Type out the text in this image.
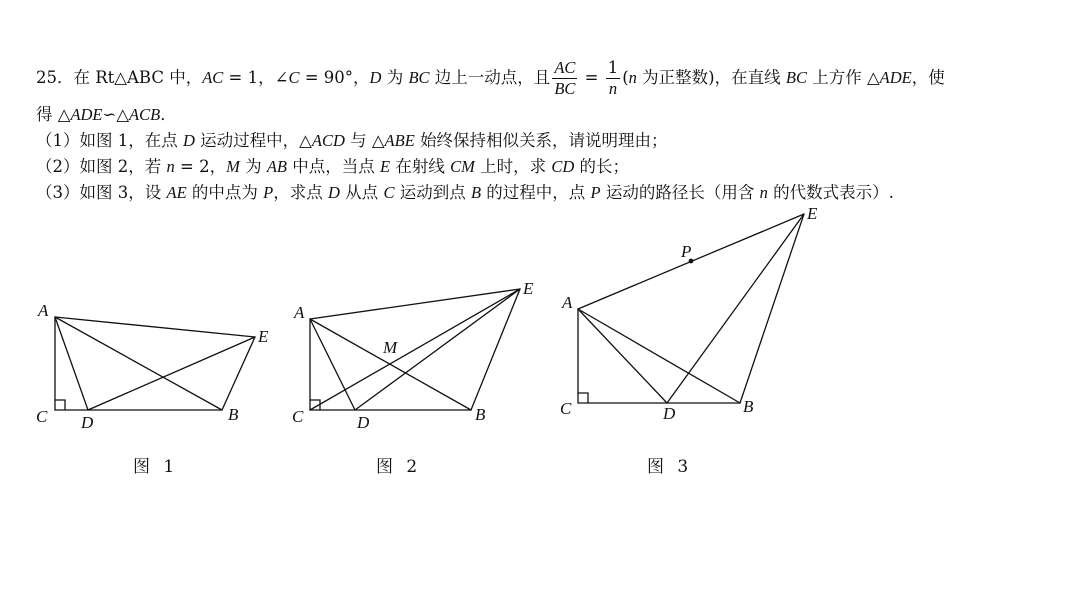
25．在 Rt△ABC 中，AC = 1，∠C = 90°，D 为 BC 边上一动点，且 $\frac{AC}{BC} = \frac{1}{n} (n$ 为正整数)，在直线 BC 上方作 △ADE，使
得 △ADE∽△ACB．
（1）如图 1，在点 D 运动过程中，△ACD 与 △ABE 始终保持相似关系，请说明理由；
（2）如图 2，若 n = 2，M 为 AB 中点，当点 E 在射线 CM 上时，求 CD 的长；
（3）如图 3，设 AE 的中点为 P，求点 D 从点 C 运动到点 B 的过程中，点 P 运动的路径长（用含 n 的代数式表示）.
A
C D	B
E
A
C	D	B
E
M
A
C	D	B
E
P
图 1	图 2	图 3
